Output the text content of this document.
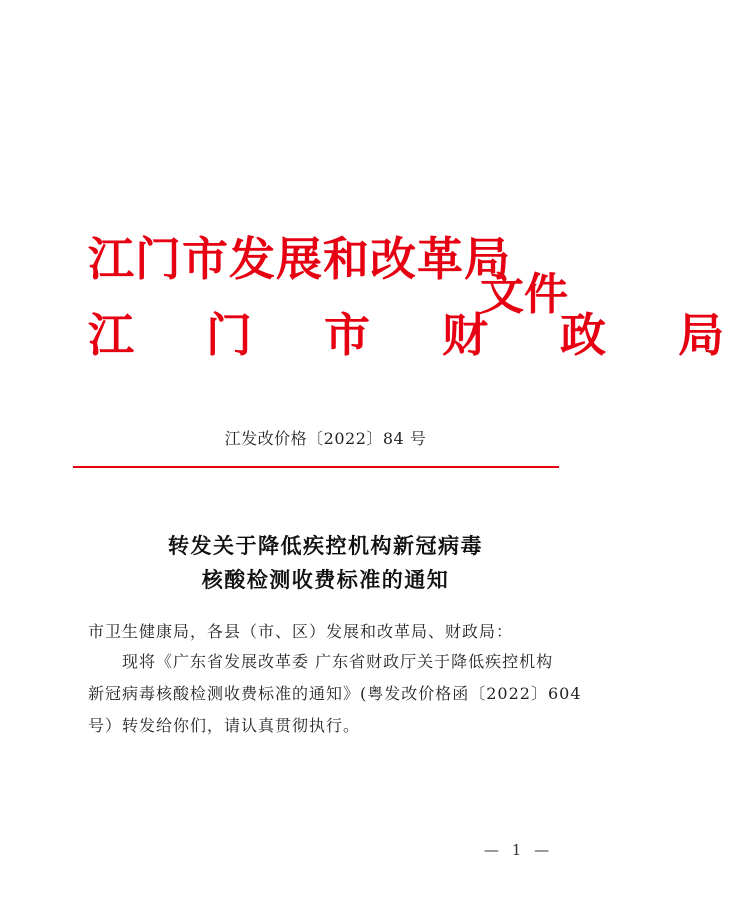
江门市发展和改革局
江 门 市 财 政 局
文件
江发改价格〔2022〕84 号
转发关于降低疾控机构新冠病毒
核酸检测收费标准的通知
市卫生健康局，各县（市、区）发展和改革局、财政局：
现将《广东省发展改革委 广东省财政厅关于降低疾控机构
新冠病毒核酸检测收费标准的通知》(粤发改价格函〔2022〕604
号）转发给你们，请认真贯彻执行。
— 1 —
